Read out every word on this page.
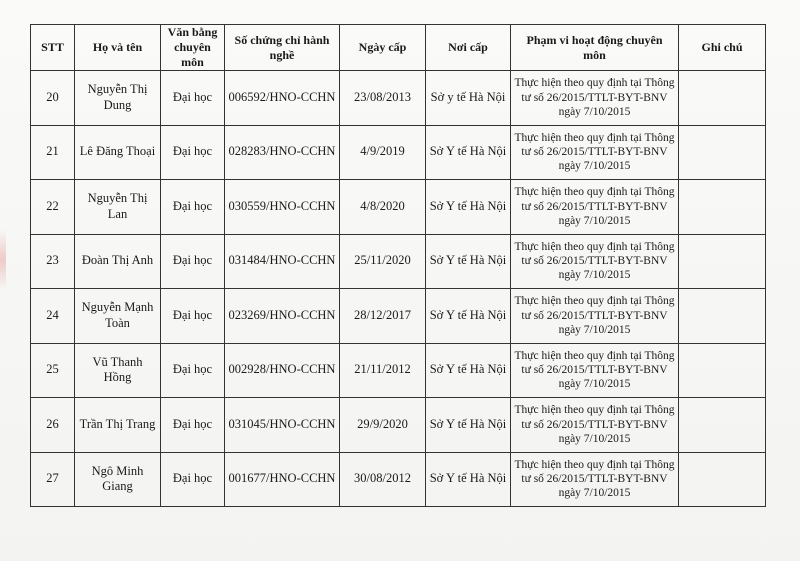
STT	Họ và tên	Văn bằng chuyên môn	Số chứng chỉ hành nghề	Ngày cấp	Nơi cấp	Phạm vi hoạt động chuyên môn	Ghi chú
20	Nguyễn Thị Dung	Đại học	006592/HNO-CCHN	23/08/2013	Sở y tế Hà Nội	Thực hiện theo quy định tại Thông tư số 26/2015/TTLT-BYT-BNV ngày 7/10/2015	
21	Lê Đăng Thoại	Đại học	028283/HNO-CCHN	4/9/2019	Sở Y tế Hà Nội	Thực hiện theo quy định tại Thông tư số 26/2015/TTLT-BYT-BNV ngày 7/10/2015	
22	Nguyễn Thị Lan	Đại học	030559/HNO-CCHN	4/8/2020	Sở Y tế Hà Nội	Thực hiện theo quy định tại Thông tư số 26/2015/TTLT-BYT-BNV ngày 7/10/2015	
23	Đoàn Thị Anh	Đại học	031484/HNO-CCHN	25/11/2020	Sở Y tế Hà Nội	Thực hiện theo quy định tại Thông tư số 26/2015/TTLT-BYT-BNV ngày 7/10/2015	
24	Nguyễn Mạnh Toàn	Đại học	023269/HNO-CCHN	28/12/2017	Sở Y tế Hà Nội	Thực hiện theo quy định tại Thông tư số 26/2015/TTLT-BYT-BNV ngày 7/10/2015	
25	Vũ Thanh Hồng	Đại học	002928/HNO-CCHN	21/11/2012	Sở Y tế Hà Nội	Thực hiện theo quy định tại Thông tư số 26/2015/TTLT-BYT-BNV ngày 7/10/2015	
26	Trần Thị Trang	Đại học	031045/HNO-CCHN	29/9/2020	Sở Y tế Hà Nội	Thực hiện theo quy định tại Thông tư số 26/2015/TTLT-BYT-BNV ngày 7/10/2015	
27	Ngô Minh Giang	Đại học	001677/HNO-CCHN	30/08/2012	Sở Y tế Hà Nội	Thực hiện theo quy định tại Thông tư số 26/2015/TTLT-BYT-BNV ngày 7/10/2015	
